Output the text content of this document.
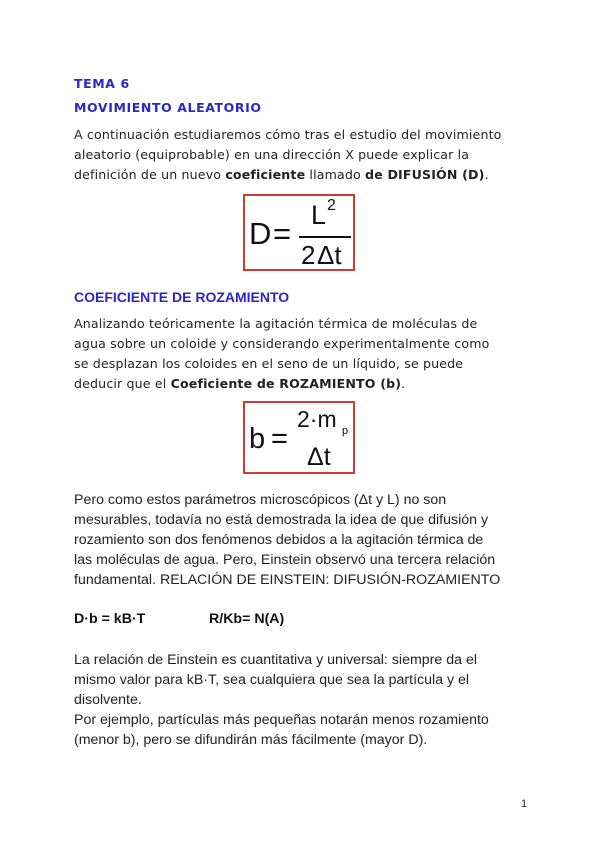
TEMA 6
MOVIMIENTO ALEATORIO
A continuación estudiaremos cómo tras el estudio del movimiento
aleatorio (equiprobable) en una dirección X puede explicar la
definición de un nuevo coeficiente llamado de DIFUSIÓN (D).
D =
L 2
2 Δt
COEFICIENTE DE ROZAMIENTO
Analizando teóricamente la agitación térmica de moléculas de
agua sobre un coloide y considerando experimentalmente como
se desplazan los coloides en el seno de un líquido, se puede
deducir que el Coeficiente de ROZAMIENTO (b).
b =
2·m p
Δt
Pero como estos parámetros microscópicos (Δt y L) no son
mesurables, todavía no está demostrada la idea de que difusión y
rozamiento son dos fenómenos debidos a la agitación térmica de
las moléculas de agua. Pero, Einstein observó una tercera relación
fundamental. RELACIÓN DE EINSTEIN: DIFUSIÓN-ROZAMIENTO
D·b = kB·T	R/Kb= N(A)
La relación de Einstein es cuantitativa y universal: siempre da el
mismo valor para kB·T, sea cualquiera que sea la partícula y el
disolvente.
Por ejemplo, partículas más pequeñas notarán menos rozamiento
(menor b), pero se difundirán más fácilmente (mayor D).
1
